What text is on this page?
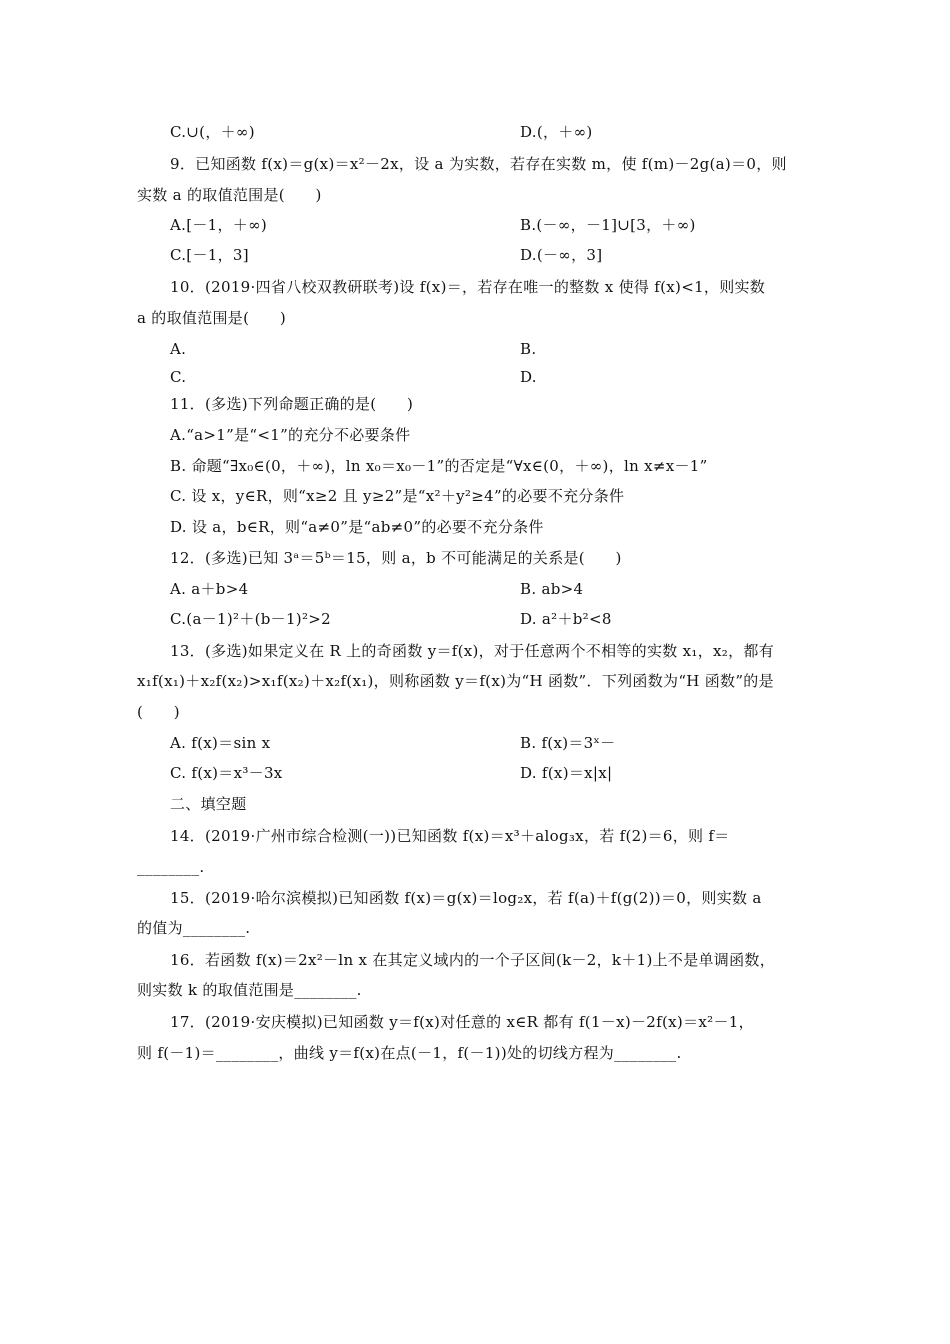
C.∪(，＋∞)	D.(，＋∞)
9．已知函数 f(x)＝g(x)＝x²－2x，设 a 为实数，若存在实数 m，使 f(m)－2g(a)＝0，则
实数 a 的取值范围是(　　)
A.[－1，＋∞)	B.(－∞，－1]∪[3，＋∞)
C.[－1，3]	D.(－∞，3]
10．(2019·四省八校双教研联考)设 f(x)＝，若存在唯一的整数 x 使得 f(x)<1，则实数
a 的取值范围是(　　)
A.	B.
C.	D.
11．(多选)下列命题正确的是(　　)
A.“a>1”是“<1”的充分不必要条件
B. 命题“∃x₀∈(0，＋∞)，ln x₀＝x₀－1”的否定是“∀x∈(0，＋∞)，ln x≠x－1”
C. 设 x，y∈R，则“x≥2 且 y≥2”是“x²＋y²≥4”的必要不充分条件
D. 设 a，b∈R，则“a≠0”是“ab≠0”的必要不充分条件
12．(多选)已知 3ᵃ＝5ᵇ＝15，则 a，b 不可能满足的关系是(　　)
A. a＋b>4	B. ab>4
C.(a－1)²＋(b－1)²>2	D. a²＋b²<8
13．(多选)如果定义在 R 上的奇函数 y＝f(x)，对于任意两个不相等的实数 x₁，x₂，都有
x₁f(x₁)＋x₂f(x₂)>x₁f(x₂)＋x₂f(x₁)，则称函数 y＝f(x)为“H 函数”．下列函数为“H 函数”的是
(　　)
A. f(x)＝sin x	B. f(x)＝3ˣ－
C. f(x)＝x³－3x	D. f(x)＝x|x|
二、填空题
14．(2019·广州市综合检测(一))已知函数 f(x)＝x³＋alog₃x，若 f(2)＝6，则 f＝
________.
15．(2019·哈尔滨模拟)已知函数 f(x)＝g(x)＝log₂x，若 f(a)＋f(g(2))＝0，则实数 a
的值为________.
16．若函数 f(x)＝2x²－ln x 在其定义域内的一个子区间(k－2，k＋1)上不是单调函数，
则实数 k 的取值范围是________.
17．(2019·安庆模拟)已知函数 y＝f(x)对任意的 x∈R 都有 f(1－x)－2f(x)＝x²－1，
则 f(－1)＝________，曲线 y＝f(x)在点(－1，f(－1))处的切线方程为________.
